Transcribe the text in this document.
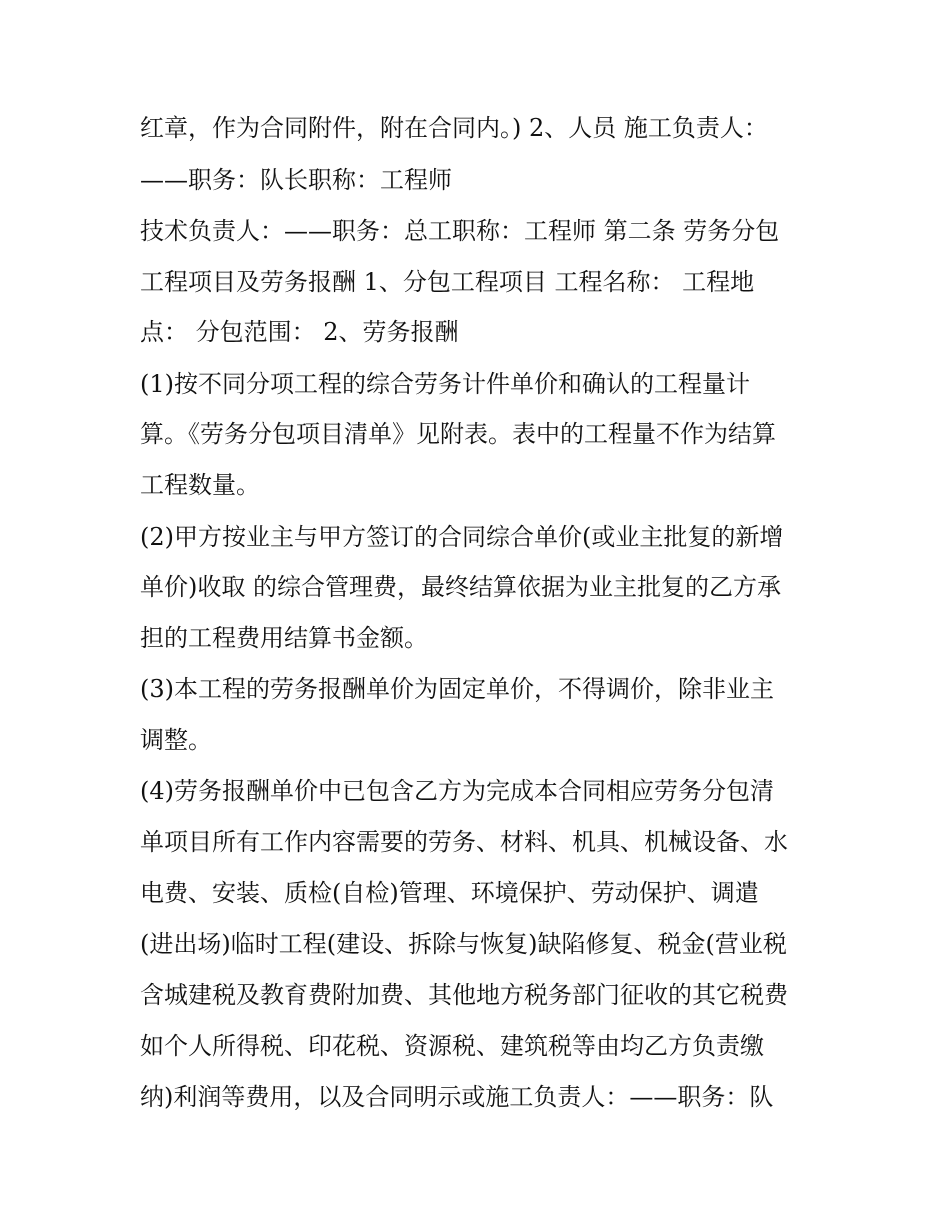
红章，作为合同附件，附在合同内。) 2、人员 施工负责人：
——职务：队长职称：工程师
技术负责人：——职务：总工职称：工程师 第二条 劳务分包
工程项目及劳务报酬 1、分包工程项目 工程名称： 工程地
点： 分包范围： 2、劳务报酬
(1)按不同分项工程的综合劳务计件单价和确认的工程量计
算。《劳务分包项目清单》见附表。表中的工程量不作为结算
工程数量。
(2)甲方按业主与甲方签订的合同综合单价(或业主批复的新增
单价)收取 的综合管理费，最终结算依据为业主批复的乙方承
担的工程费用结算书金额。
(3)本工程的劳务报酬单价为固定单价，不得调价，除非业主
调整。
(4)劳务报酬单价中已包含乙方为完成本合同相应劳务分包清
单项目所有工作内容需要的劳务、材料、机具、机械设备、水
电费、安装、质检(自检)管理、环境保护、劳动保护、调遣
(进出场)临时工程(建设、拆除与恢复)缺陷修复、税金(营业税
含城建税及教育费附加费、其他地方税务部门征收的其它税费
如个人所得税、印花税、资源税、建筑税等由均乙方负责缴
纳)利润等费用，以及合同明示或施工负责人：——职务：队
